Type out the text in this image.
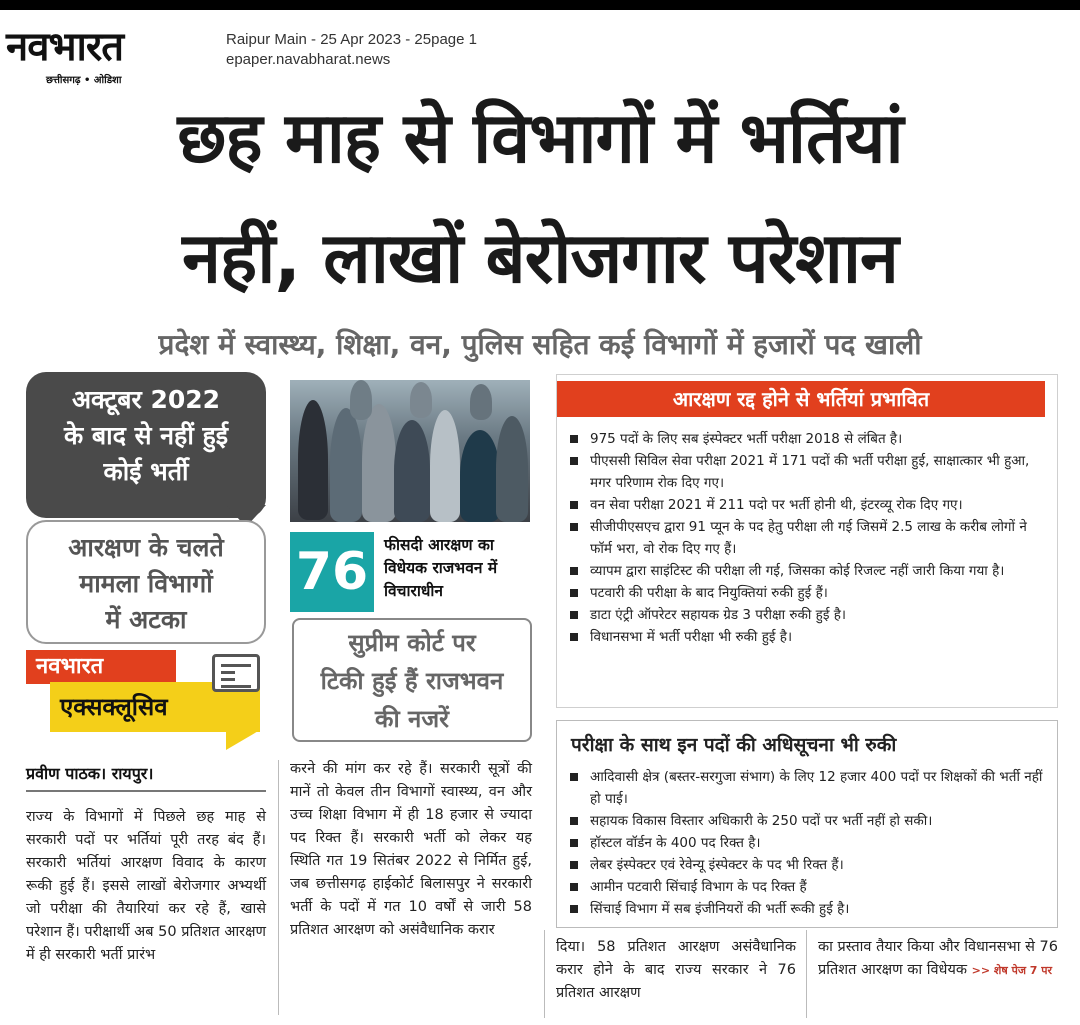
नवभारत
छत्तीसगढ़ • ओडिशा
Raipur Main - 25 Apr 2023 - 25page 1
epaper.navabharat.news
छह माह से विभागों में भर्तियां
नहीं, लाखों बेरोजगार परेशान
प्रदेश में स्वास्थ्य, शिक्षा, वन, पुलिस सहित कई विभागों में हजारों पद खाली
अक्टूबर 2022
के बाद से नहीं हुई
कोई भर्ती
आरक्षण के चलते
मामला विभागों
में अटका
नवभारत
एक्सक्लूसिव
प्रवीण पाठक। रायपुर।
राज्य के विभागों में पिछले छह माह से सरकारी पदों पर भर्तियां पूरी तरह बंद हैं। सरकारी भर्तियां आरक्षण विवाद के कारण रूकी हुई हैं। इससे लाखों बेरोजगार अभ्यर्थी जो परीक्षा की तैयारियां कर रहे हैं, खासे परेशान हैं। परीक्षार्थी अब 50 प्रतिशत आरक्षण में ही सरकारी भर्ती प्रारंभ
76	फीसदी आरक्षण का विधेयक राजभवन में विचाराधीन
सुप्रीम कोर्ट पर
टिकी हुई हैं राजभवन
की नजरें
करने की मांग कर रहे हैं। सरकारी सूत्रों की मानें तो केवल तीन विभागों स्वास्थ्य, वन और उच्च शिक्षा विभाग में ही 18 हजार से ज्यादा पद रिक्त हैं। सरकारी भर्ती को लेकर यह स्थिति गत 19 सितंबर 2022 से निर्मित हुई, जब छत्तीसगढ़ हाईकोर्ट बिलासपुर ने सरकारी भर्ती के पदों में गत 10 वर्षों से जारी 58 प्रतिशत आरक्षण को असंवैधानिक करार
आरक्षण रद्द होने से भर्तियां प्रभावित
975 पदों के लिए सब इंस्पेक्टर भर्ती परीक्षा 2018 से लंबित है।
पीएससी सिविल सेवा परीक्षा 2021 में 171 पदों की भर्ती परीक्षा हुई, साक्षात्कार भी हुआ, मगर परिणाम रोक दिए गए।
वन सेवा परीक्षा 2021 में 211 पदो पर भर्ती होनी थी, इंटरव्यू रोक दिए गए।
सीजीपीएसएच द्वारा 91 प्यून के पद हेतु परीक्षा ली गई जिसमें 2.5 लाख के करीब लोगों ने फॉर्म भरा, वो रोक दिए गए हैं।
व्यापम द्वारा साइंटिस्ट की परीक्षा ली गई, जिसका कोई रिजल्ट नहीं जारी किया गया है।
पटवारी की परीक्षा के बाद नियुक्तियां रुकी हुई हैं।
डाटा एंट्री ऑपरेटर सहायक ग्रेड 3 परीक्षा रुकी हुई है।
विधानसभा में भर्ती परीक्षा भी रुकी हुई है।
परीक्षा के साथ इन पदों की अधिसूचना भी रुकी
आदिवासी क्षेत्र (बस्तर-सरगुजा संभाग) के लिए 12 हजार 400 पदों पर शिक्षकों की भर्ती नहीं हो पाई।
सहायक विकास विस्तार अधिकारी के 250 पदों पर भर्ती नहीं हो सकी।
हॉस्टल वॉर्डन के 400 पद रिक्त है।
लेबर इंस्पेक्टर एवं रेवेन्यू इंस्पेक्टर के पद भी रिक्त हैं।
आमीन पटवारी सिंचाई विभाग के पद रिक्त हैं
सिंचाई विभाग में सब इंजीनियरों की भर्ती रूकी हुई है।
दिया। 58 प्रतिशत आरक्षण असंवैधानिक करार होने के बाद राज्य सरकार ने 76 प्रतिशत आरक्षण
का प्रस्ताव तैयार किया और विधानसभा से 76 प्रतिशत आरक्षण का विधेयक >> शेष पेज 7 पर
